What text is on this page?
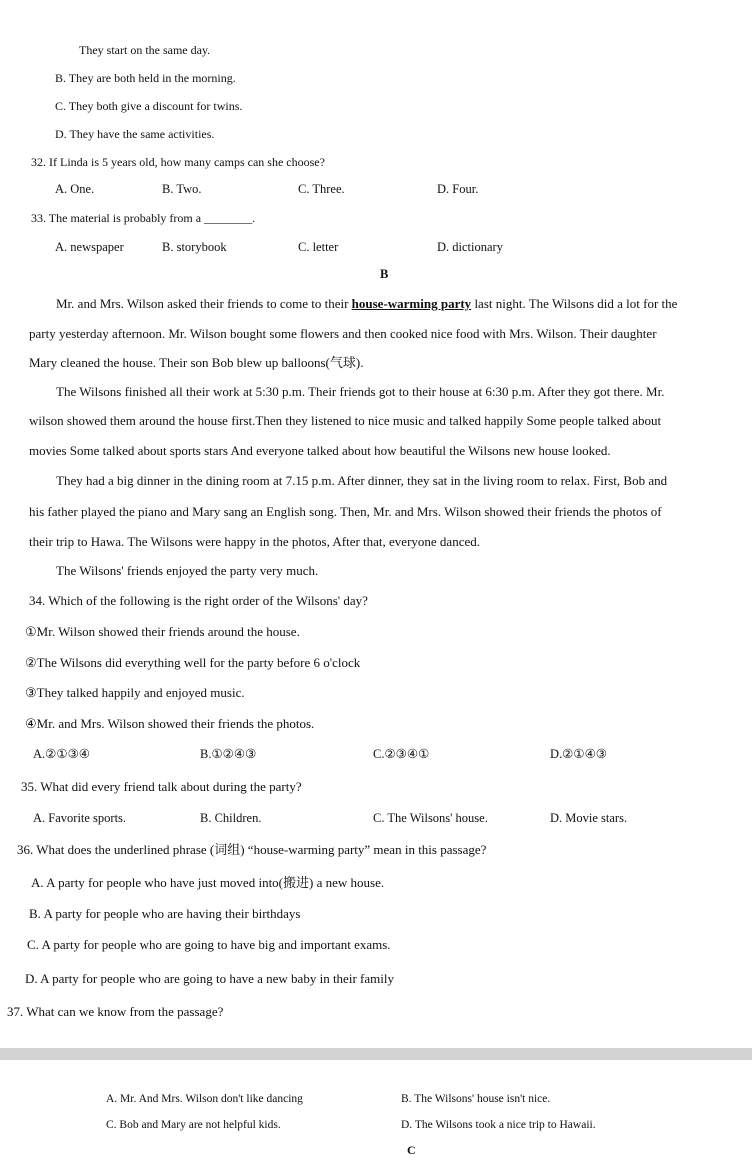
They start on the same day.
B. They are both held in the morning.
C. They both give a discount for twins.
D. They have the same activities.
32. If Linda is 5 years old, how many camps can she choose?
A. One.	B. Two.	C. Three.	D. Four.
33. The material is probably from a ________.
A. newspaper	B. storybook	C. letter	D. dictionary
B
Mr. and Mrs. Wilson asked their friends to come to their house-warming party last night. The Wilsons did a lot for the
party yesterday afternoon. Mr. Wilson bought some flowers and then cooked nice food with Mrs. Wilson. Their daughter
Mary cleaned the house. Their son Bob blew up balloons(气球).
The Wilsons finished all their work at 5:30 p.m. Their friends got to their house at 6:30 p.m. After they got there. Mr.
wilson showed them around the house first.Then they listened to nice music and talked happily Some people talked about
movies Some talked about sports stars And everyone talked about how beautiful the Wilsons new house looked.
They had a big dinner in the dining room at 7.15 p.m. After dinner, they sat in the living room to relax. First, Bob and
his father played the piano and Mary sang an English song. Then, Mr. and Mrs. Wilson showed their friends the photos of
their trip to Hawa. The Wilsons were happy in the photos, After that, everyone danced.
The Wilsons' friends enjoyed the party very much.
34. Which of the following is the right order of the Wilsons' day?
①Mr. Wilson showed their friends around the house.
②The Wilsons did everything well for the party before 6 o'clock
③They talked happily and enjoyed music.
④Mr. and Mrs. Wilson showed their friends the photos.
A.②①③④	B.①②④③	C.②③④①	D.②①④③
35. What did every friend talk about during the party?
A. Favorite sports.	B. Children.	C. The Wilsons' house.	D. Movie stars.
36. What does the underlined phrase (词组) “house-warming party” mean in this passage?
A. A party for people who have just moved into(搬进) a new house.
B. A party for people who are having their birthdays
C. A party for people who are going to have big and important exams.
D. A party for people who are going to have a new baby in their family
37. What can we know from the passage?
A. Mr. And Mrs. Wilson don't like dancing	B. The Wilsons' house isn't nice.
C. Bob and Mary are not helpful kids.	D. The Wilsons took a nice trip to Hawaii.
C
